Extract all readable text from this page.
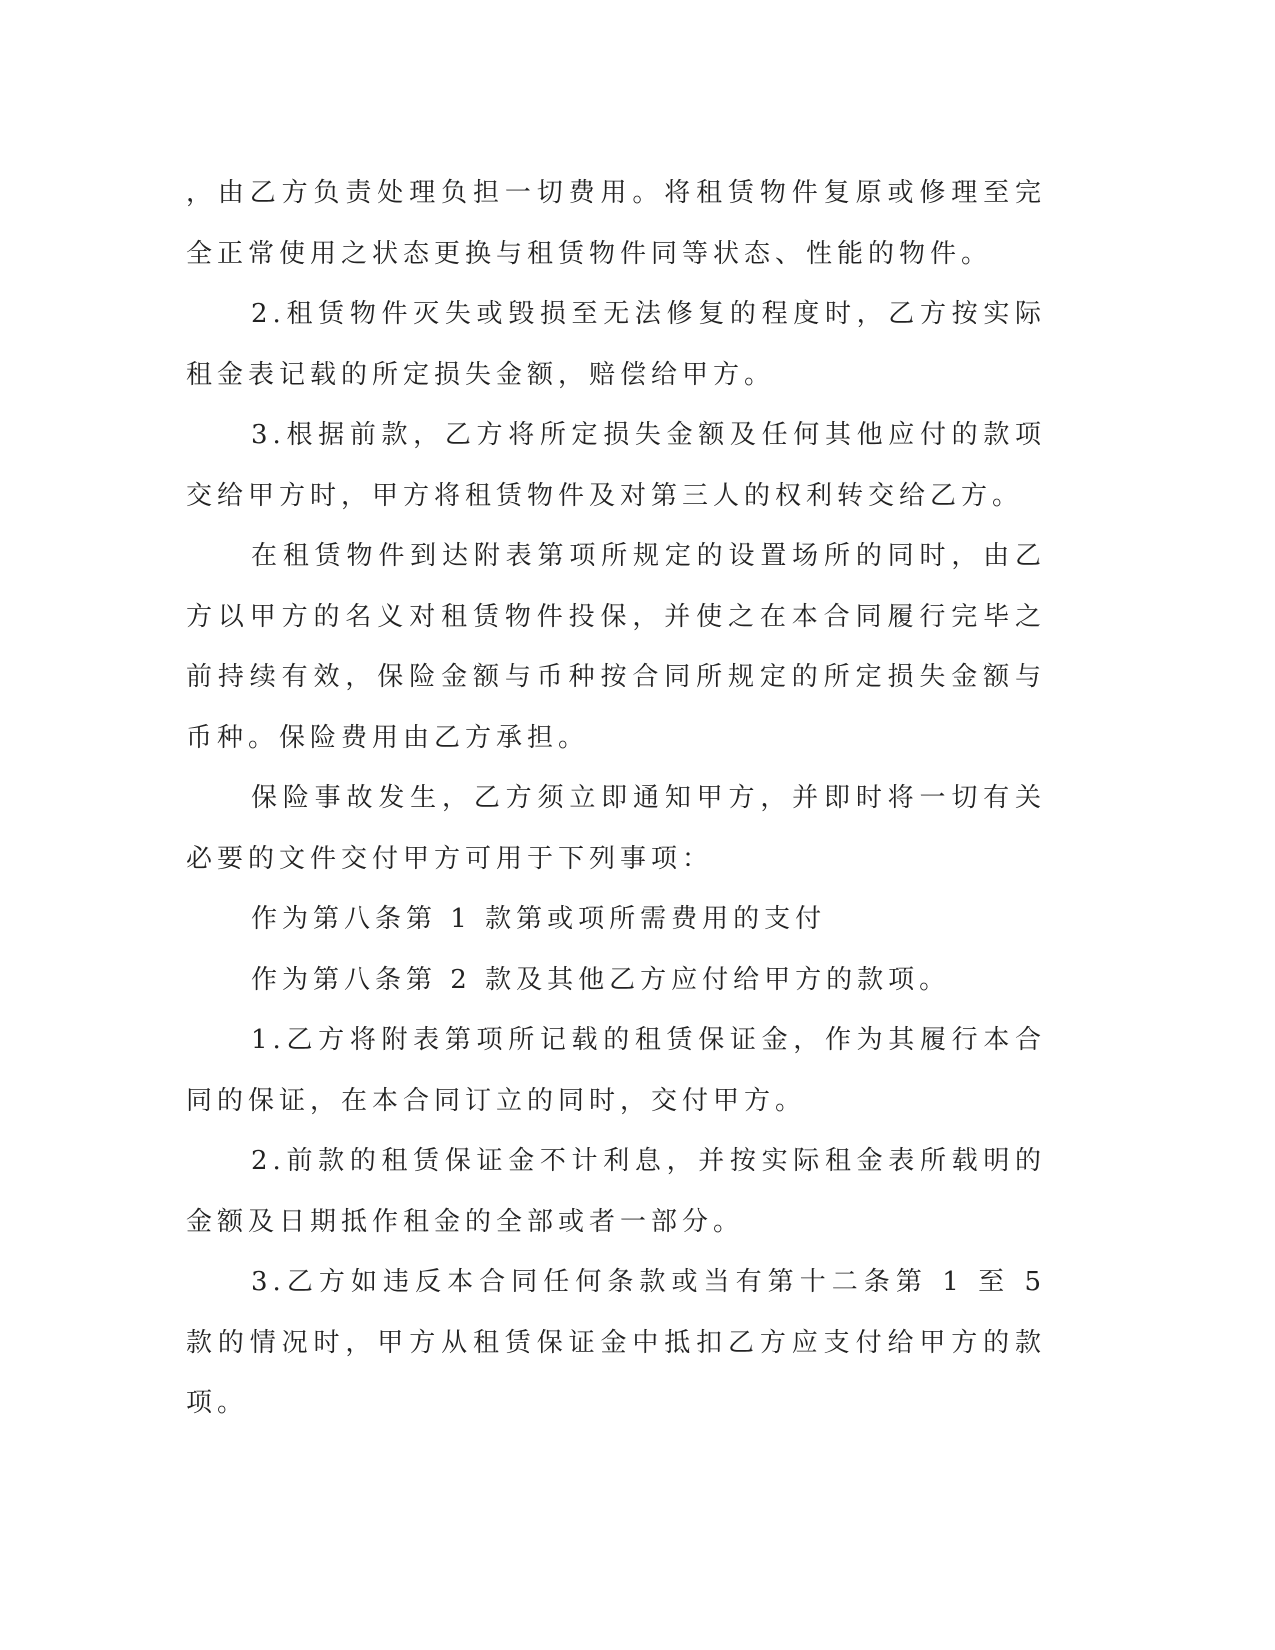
，由乙方负责处理负担一切费用。将租赁物件复原或修理至完全正常使用之状态更换与租赁物件同等状态、性能的物件。

2.租赁物件灭失或毁损至无法修复的程度时，乙方按实际租金表记载的所定损失金额，赔偿给甲方。

3.根据前款，乙方将所定损失金额及任何其他应付的款项交给甲方时，甲方将租赁物件及对第三人的权利转交给乙方。

在租赁物件到达附表第项所规定的设置场所的同时，由乙方以甲方的名义对租赁物件投保，并使之在本合同履行完毕之前持续有效，保险金额与币种按合同所规定的所定损失金额与币种。保险费用由乙方承担。

保险事故发生，乙方须立即通知甲方，并即时将一切有关必要的文件交付甲方可用于下列事项：

作为第八条第 1 款第或项所需费用的支付

作为第八条第 2 款及其他乙方应付给甲方的款项。

1.乙方将附表第项所记载的租赁保证金，作为其履行本合同的保证，在本合同订立的同时，交付甲方。

2.前款的租赁保证金不计利息，并按实际租金表所载明的金额及日期抵作租金的全部或者一部分。

3.乙方如违反本合同任何条款或当有第十二条第 1 至 5 款的情况时，甲方从租赁保证金中抵扣乙方应支付给甲方的款项。
